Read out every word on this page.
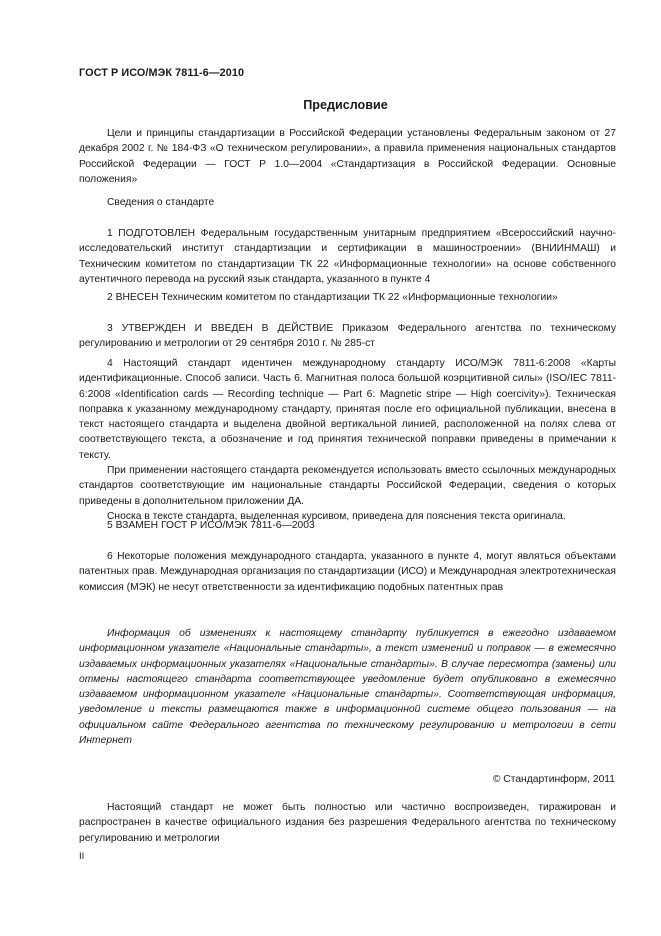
ГОСТ Р ИСО/МЭК 7811-6—2010
Предисловие

Цели и принципы стандартизации в Российской Федерации установлены Федеральным законом от 27 декабря 2002 г. № 184-ФЗ «О техническом регулировании», а правила применения национальных стандартов Российской Федерации — ГОСТ Р 1.0—2004 «Стандартизация в Российской Федерации. Основные положения»

Сведения о стандарте

1 ПОДГОТОВЛЕН Федеральным государственным унитарным предприятием «Всероссийский научно-исследовательский институт стандартизации и сертификации в машиностроении» (ВНИИНМАШ) и Техническим комитетом по стандартизации ТК 22 «Информационные технологии» на основе собственного аутентичного перевода на русский язык стандарта, указанного в пункте 4

2 ВНЕСЕН Техническим комитетом по стандартизации ТК 22 «Информационные технологии»

3 УТВЕРЖДЕН И ВВЕДЕН В ДЕЙСТВИЕ Приказом Федерального агентства по техническому регулированию и метрологии от 29 сентября 2010 г. № 285-ст

4 Настоящий стандарт идентичен международному стандарту ИСО/МЭК 7811-6:2008 «Карты идентификационные. Способ записи. Часть 6. Магнитная полоса большой коэрцитивной силы» (ISO/IEC 7811-6:2008 «Identification cards — Recording technique — Part 6: Magnetic stripe — High coercivity»). Техническая поправка к указанному международному стандарту, принятая после его официальной публикации, внесена в текст настоящего стандарта и выделена двойной вертикальной линией, расположенной на полях слева от соответствующего текста, а обозначение и год принятия технической поправки приведены в примечании к тексту.

При применении настоящего стандарта рекомендуется использовать вместо ссылочных международных стандартов соответствующие им национальные стандарты Российской Федерации, сведения о которых приведены в дополнительном приложении ДА.

Сноска в тексте стандарта, выделенная курсивом, приведена для пояснения текста оригинала.

5 ВЗАМЕН ГОСТ Р ИСО/МЭК 7811-6—2003

6 Некоторые положения международного стандарта, указанного в пункте 4, могут являться объектами патентных прав. Международная организация по стандартизации (ИСО) и Международная электротехническая комиссия (МЭК) не несут ответственности за идентификацию подобных патентных прав

Информация об изменениях к настоящему стандарту публикуется в ежегодно издаваемом информационном указателе «Национальные стандарты», а текст изменений и поправок — в ежемесячно издаваемых информационных указателях «Национальные стандарты». В случае пересмотра (замены) или отмены настоящего стандарта соответствующее уведомление будет опубликовано в ежемесячно издаваемом информационном указателе «Национальные стандарты». Соответствующая информация, уведомление и тексты размещаются также в информационной системе общего пользования — на официальном сайте Федерального агентства по техническому регулированию и метрологии в сети Интернет

© Стандартинформ, 2011

Настоящий стандарт не может быть полностью или частично воспроизведен, тиражирован и распространен в качестве официального издания без разрешения Федерального агентства по техническому регулированию и метрологии

II
